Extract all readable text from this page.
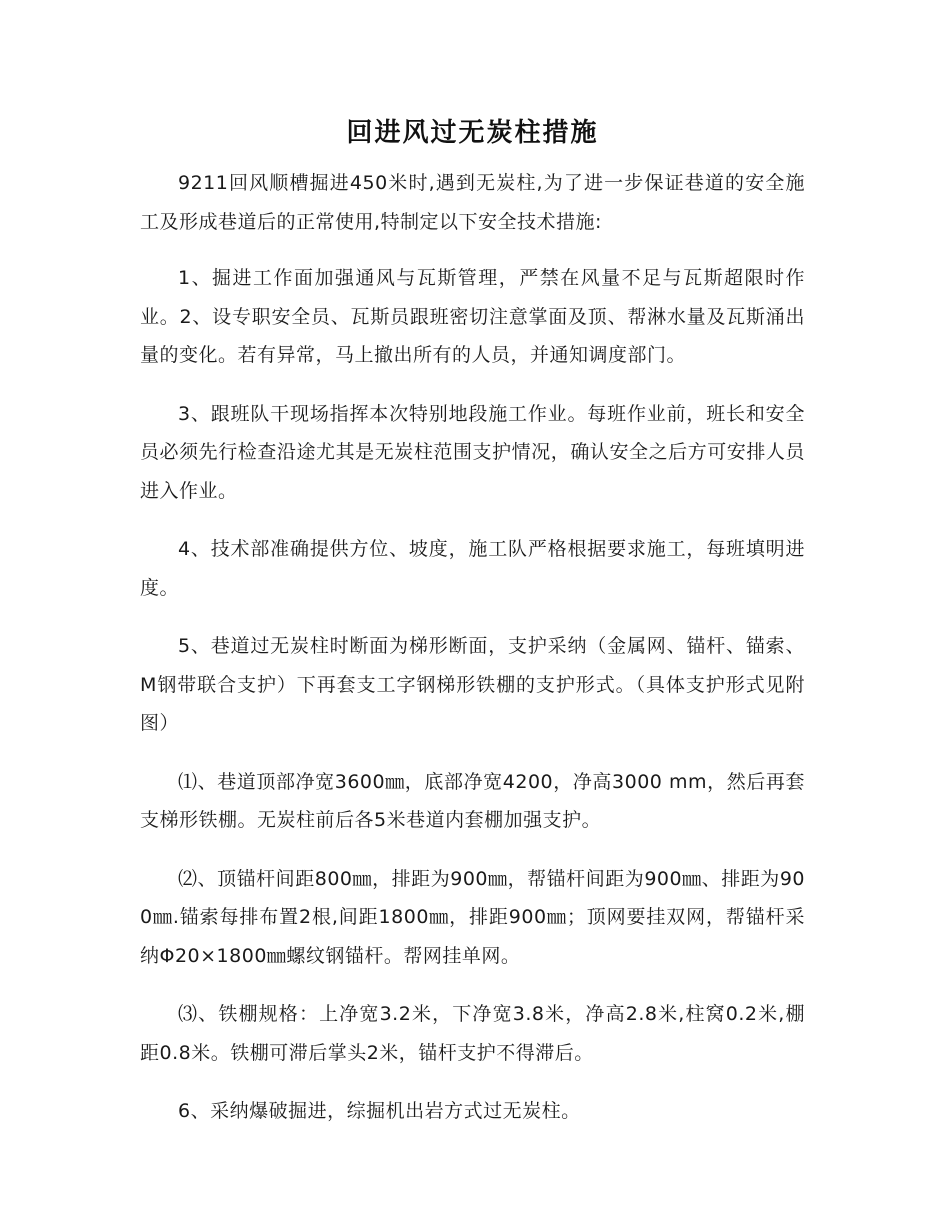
回进风过无炭柱措施

9211回风顺槽掘进450米时,遇到无炭柱,为了进一步保证巷道的安全施工及形成巷道后的正常使用,特制定以下安全技术措施:

1、掘进工作面加强通风与瓦斯管理，严禁在风量不足与瓦斯超限时作业。2、设专职安全员、瓦斯员跟班密切注意掌面及顶、帮淋水量及瓦斯涌出量的变化。若有异常，马上撤出所有的人员，并通知调度部门。

3、跟班队干现场指挥本次特别地段施工作业。每班作业前，班长和安全员必须先行检查沿途尤其是无炭柱范围支护情况，确认安全之后方可安排人员进入作业。

4、技术部准确提供方位、坡度，施工队严格根据要求施工，每班填明进度。

5、巷道过无炭柱时断面为梯形断面，支护采纳（金属网、锚杆、锚索、M钢带联合支护）下再套支工字钢梯形铁棚的支护形式。（具体支护形式见附图）

⑴、巷道顶部净宽3600㎜，底部净宽4200，净高3000 mm，然后再套支梯形铁棚。无炭柱前后各5米巷道内套棚加强支护。

⑵、顶锚杆间距800㎜，排距为900㎜，帮锚杆间距为900㎜、排距为900㎜.锚索每排布置2根,间距1800㎜，排距900㎜；顶网要挂双网，帮锚杆采纳Φ20×1800㎜螺纹钢锚杆。帮网挂单网。

⑶、铁棚规格：上净宽3.2米，下净宽3.8米，净高2.8米,柱窝0.2米,棚距0.8米。铁棚可滞后掌头2米，锚杆支护不得滞后。

6、采纳爆破掘进，综掘机出岩方式过无炭柱。
